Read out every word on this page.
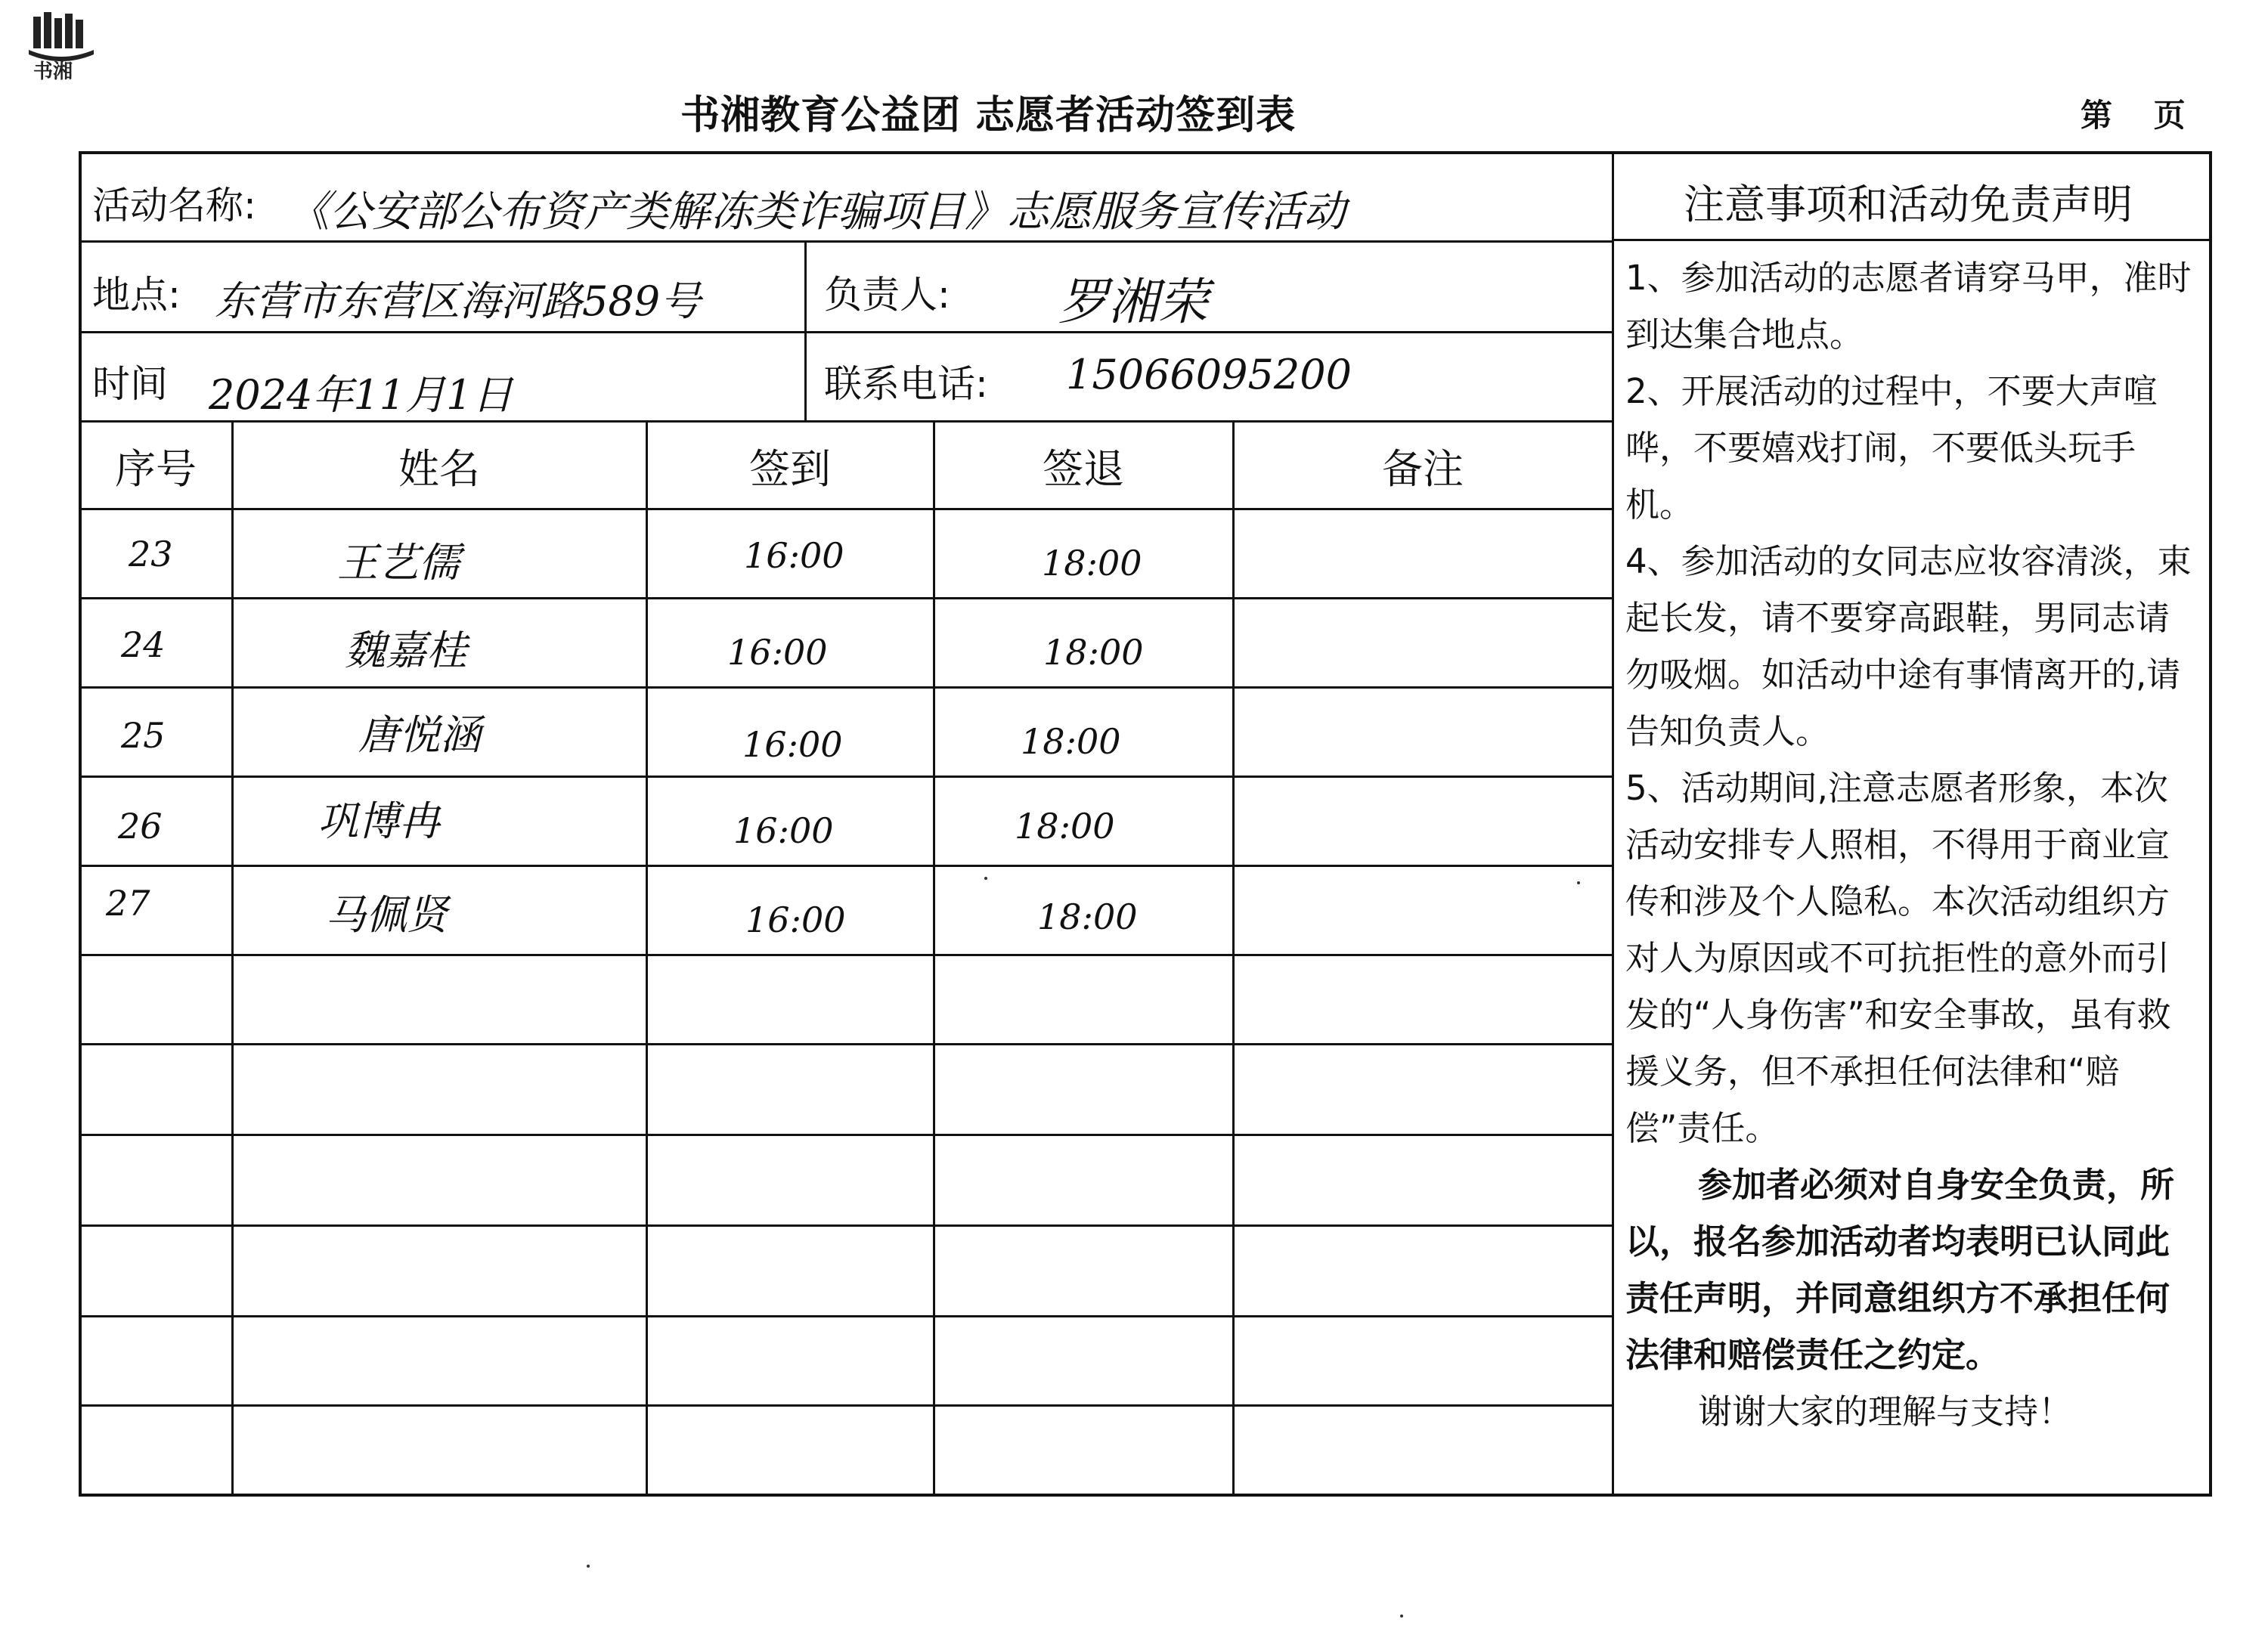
书湘
书湘教育公益团 志愿者活动签到表	第 页
活动名称: 《公安部公布资产类解冻类诈骗项目》志愿服务宣传活动
地点: 东营市东营区海河路589号	负责人: 罗湘荣
时间 2024年11月1日	联系电话: 15066095200
序号	姓名	签到	签退	备注
23	王艺儒	16:00	18:00
24	魏嘉桂	16:00	18:00
25	唐悦涵	16:00	18:00
26	巩博冉	16:00	18:00
27	马佩贤	16:00	18:00
注意事项和活动免责声明

1、参加活动的志愿者请穿马甲，准时到达集合地点。

2、开展活动的过程中，不要大声喧哗，不要嬉戏打闹，不要低头玩手机。

4、参加活动的女同志应妆容清淡，束起长发，请不要穿高跟鞋，男同志请勿吸烟。如活动中途有事情离开的,请告知负责人。

5、活动期间,注意志愿者形象，本次活动安排专人照相，不得用于商业宣传和涉及个人隐私。本次活动组织方对人为原因或不可抗拒性的意外而引发的“人身伤害”和安全事故，虽有救援义务，但不承担任何法律和“赔偿”责任。

参加者必须对自身安全负责，所以，报名参加活动者均表明已认同此责任声明，并同意组织方不承担任何法律和赔偿责任之约定。

谢谢大家的理解与支持！
